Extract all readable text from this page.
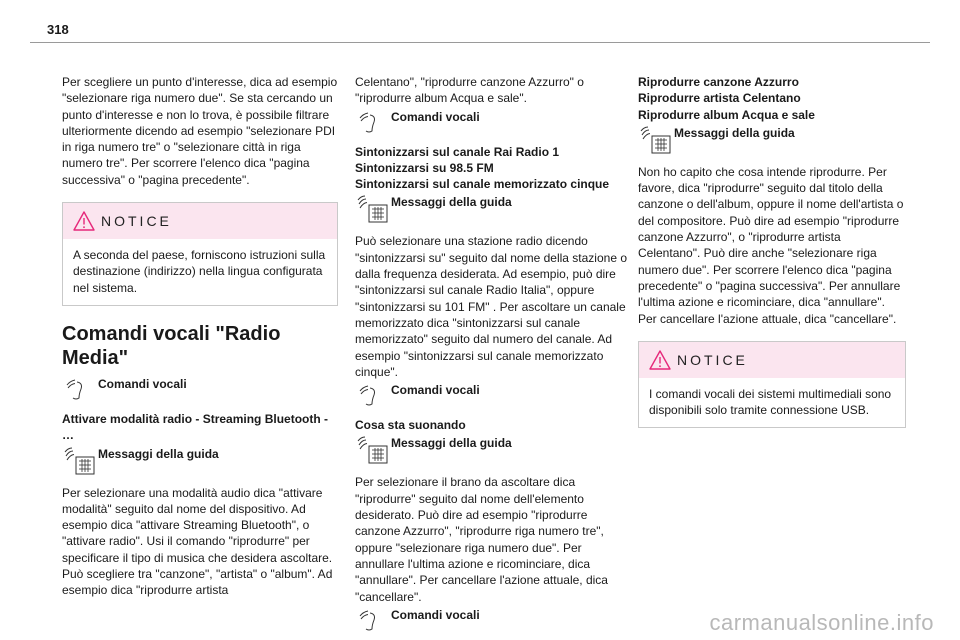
318

Per scegliere un punto d'interesse, dica ad esempio "selezionare riga numero due". Se sta cercando un punto d'interesse e non lo trova, è possibile filtrare ulteriormente dicendo ad esempio "selezionare PDI in riga numero tre" o "selezionare città in riga numero tre". Per scorrere l'elenco dica "pagina successiva" o "pagina precedente".

NOTICE
A seconda del paese, forniscono istruzioni sulla destinazione (indirizzo) nella lingua configurata nel sistema.
Comandi vocali "Radio Media"
Comandi vocali

Attivare modalità radio - Streaming Bluetooth - …

Messaggi della guida

Per selezionare una modalità audio dica "attivare modalità" seguito dal nome del dispositivo. Ad esempio dica "attivare Streaming Bluetooth", o "attivare radio". Usi il comando "riprodurre" per specificare il tipo di musica che desidera ascoltare. Può scegliere tra "canzone", "artista" o "album". Ad esempio dica "riprodurre artista

Celentano", "riprodurre canzone Azzurro" o "riprodurre album Acqua e sale".

Comandi vocali

Sintonizzarsi sul canale Rai Radio 1

Sintonizzarsi su 98.5 FM

Sintonizzarsi sul canale memorizzato cinque

Messaggi della guida

Può selezionare una stazione radio dicendo "sintonizzarsi su" seguito dal nome della stazione o dalla frequenza desiderata. Ad esempio, può dire "sintonizzarsi sul canale Radio Italia", oppure "sintonizzarsi su 101 FM" . Per ascoltare un canale memorizzato dica "sintonizzarsi sul canale memorizzato" seguito dal numero del canale. Ad esempio "sintonizzarsi sul canale memorizzato cinque".

Comandi vocali

Cosa sta suonando

Messaggi della guida

Per selezionare il brano da ascoltare dica "riprodurre" seguito dal nome dell'elemento desiderato. Può dire ad esempio "riprodurre canzone Azzurro", "riprodurre riga numero tre", oppure "selezionare riga numero due". Per annullare l'ultima azione e ricominciare, dica "annullare". Per cancellare l'azione attuale, dica "cancellare".

Comandi vocali

Riprodurre canzone Azzurro

Riprodurre artista Celentano

Riprodurre album Acqua e sale

Messaggi della guida

Non ho capito che cosa intende riprodurre. Per favore, dica "riprodurre" seguito dal titolo della canzone o dell'album, oppure il nome dell'artista o del compositore. Può dire ad esempio "riprodurre canzone Azzurro", o "riprodurre artista Celentano". Può dire anche "selezionare riga numero due". Per scorrere l'elenco dica "pagina precedente" o "pagina successiva". Per annullare l'ultima azione e ricominciare, dica "annullare". Per cancellare l'azione attuale, dica "cancellare".

NOTICE
I comandi vocali dei sistemi multimediali sono disponibili solo tramite connessione USB.
carmanualsonline.info
